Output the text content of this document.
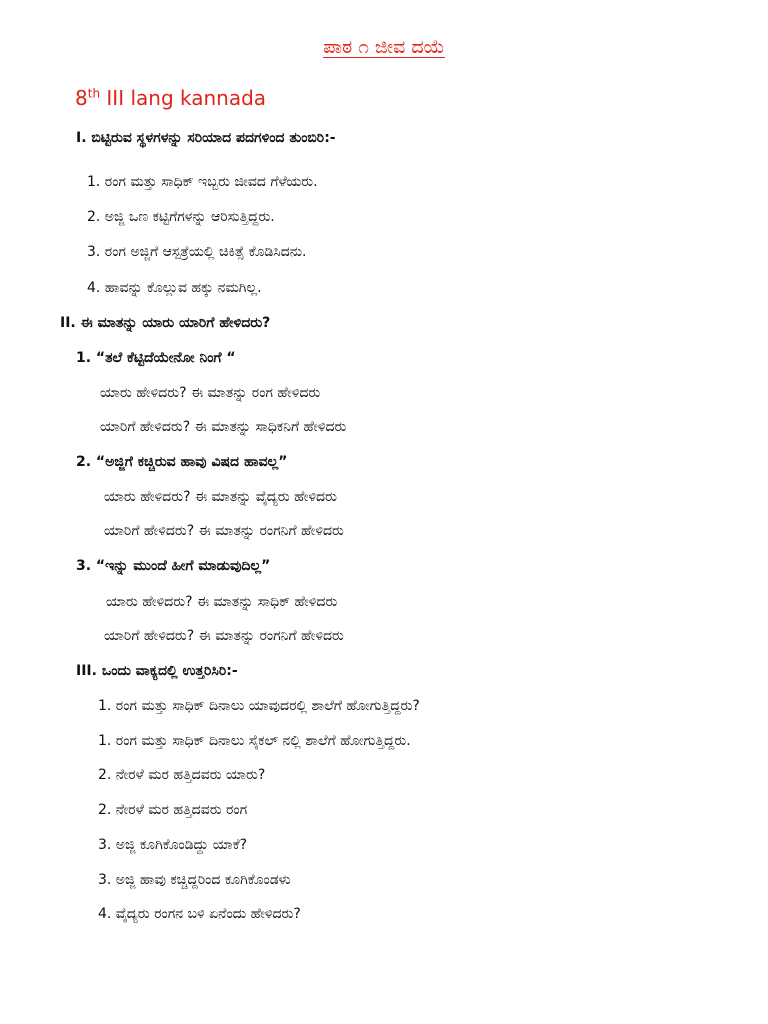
ಪಾಠ ೧ ಜೀವ ದಯೆ
8th III lang kannada
I. ಬಿಟ್ಟಿರುವ ಸ್ಥಳಗಳನ್ನು ಸರಿಯಾದ ಪದಗಳಿಂದ ತುಂಬಿರಿ:-
1. ರಂಗ ಮತ್ತು ಸಾಧಿಕ್ ಇಬ್ಬರು ಜೀವದ ಗೆಳೆಯರು.
2. ಅಜ್ಜಿ ಒಣ ಕಟ್ಟಿಗೆಗಳನ್ನು ಆರಿಸುತ್ತಿದ್ದರು.
3. ರಂಗ ಅಜ್ಜಿಗೆ ಆಸ್ಪತ್ರೆಯಲ್ಲಿ ಚಿಕಿತ್ಸೆ ಕೊಡಿಸಿದನು.
4. ಹಾವನ್ನು ಕೊಲ್ಲುವ ಹಕ್ಕು ನಮಗಿಲ್ಲ.
II. ಈ ಮಾತನ್ನು ಯಾರು ಯಾರಿಗೆ ಹೇಳಿದರು?
1. “ತಲೆ ಕೆಟ್ಟಿದೆಯೇನೋ ನಿಂಗೆ “
ಯಾರು ಹೇಳಿದರು? ಈ ಮಾತನ್ನು ರಂಗ ಹೇಳಿದರು
ಯಾರಿಗೆ ಹೇಳಿದರು? ಈ ಮಾತನ್ನು ಸಾಧಿಕನಿಗೆ ಹೇಳಿದರು
2. “ಅಜ್ಜಿಗೆ ಕಚ್ಚಿರುವ ಹಾವು ವಿಷದ ಹಾವಲ್ಲ”
ಯಾರು ಹೇಳಿದರು? ಈ ಮಾತನ್ನು ವೈದ್ಯರು ಹೇಳಿದರು
ಯಾರಿಗೆ ಹೇಳಿದರು? ಈ ಮಾತನ್ನು ರಂಗನಿಗೆ ಹೇಳಿದರು
3. “ಇನ್ನು ಮುಂದೆ ಹೀಗೆ ಮಾಡುವುದಿಲ್ಲ”
ಯಾರು ಹೇಳಿದರು? ಈ ಮಾತನ್ನು ಸಾಧಿಕ್ ಹೇಳಿದರು
ಯಾರಿಗೆ ಹೇಳಿದರು? ಈ ಮಾತನ್ನು ರಂಗನಿಗೆ ಹೇಳಿದರು
III. ಒಂದು ವಾಕ್ಯದಲ್ಲಿ ಉತ್ತರಿಸಿರಿ:-
1. ರಂಗ ಮತ್ತು ಸಾಧಿಕ್ ದಿನಾಲು ಯಾವುದರಲ್ಲಿ ಶಾಲೆಗೆ ಹೋಗುತ್ತಿದ್ದರು?
1. ರಂಗ ಮತ್ತು ಸಾಧಿಕ್ ದಿನಾಲು ಸೈಕಲ್ ನಲ್ಲಿ ಶಾಲೆಗೆ ಹೋಗುತ್ತಿದ್ದರು.
2. ನೇರಳೆ ಮರ ಹತ್ತಿದವರು ಯಾರು?
2. ನೇರಳೆ ಮರ ಹತ್ತಿದವರು ರಂಗ
3. ಅಜ್ಜಿ ಕೂಗಿಕೊಂಡಿದ್ದು ಯಾಕೆ?
3. ಅಜ್ಜಿ ಹಾವು ಕಚ್ಚಿದ್ದರಿಂದ ಕೂಗಿಕೊಂಡಳು
4. ವೈದ್ಯರು ರಂಗನ ಬಳಿ ಏನೆಂದು ಹೇಳಿದರು?
